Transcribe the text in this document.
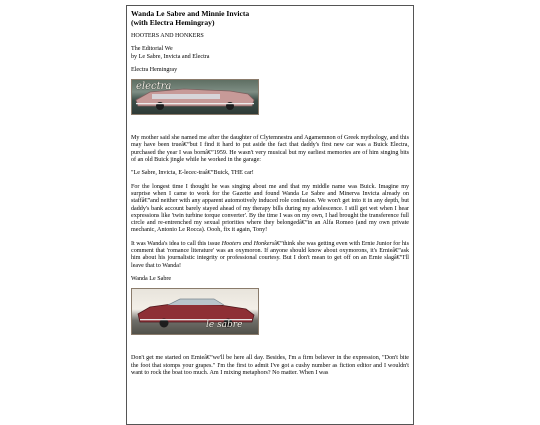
Wanda Le Sabre and Minnie Invicta
(with Electra Hemingray)

HOOTERS AND HONKERS

The Editorial We

by Le Sabre, Invicta and Electra

Electra Hemingray

electra

My mother said she named me after the daughter of Clytemnestra and Agamemnon of Greek mythology, and this may have been trueâ€”but I find it hard to put aside the fact that daddy's first new car was a Buick Electra, purchased the year I was bornâ€”1959. He wasn't very musical but my earliest memories are of him singing bits of an old Buick jingle while he worked in the garage:

"Le Sabre, Invicta, E-lecec-traâ€”Buick, THE car!

For the longest time I thought he was singing about me and that my middle name was Buick. Imagine my surprise when I came to work for the Gazette and found Wanda Le Sabre and Minerva Invicta already on staffâ€”and neither with any apparent automotively induced role confusion. We won't get into it in any depth, but daddy's bank account barely stayed ahead of my therapy bills during my adolescence. I still get wet when I hear expressions like 'twin turbine torque converter'. By the time I was on my own, I had brought the transference full circle and re-entrenched my sexual priorities where they belongedâ€”in an Alfa Romeo (and my own private mechanic, Antonio Le Rocca). Oooh, fix it again, Tony!

It was Wanda's idea to call this issue Hooters and Honkersâ€”think she was getting even with Ernie Junior for his comment that 'romance literature' was an oxymoron. If anyone should know about oxymorons, it's Ernieâ€”ask him about his journalistic integrity or professional courtesy. But I don't mean to get off on an Ernie slagâ€”I'll leave that to Wanda!

Wanda Le Sabre

le sabre

Don't get me started on Ernieâ€”we'll be here all day. Besides, I'm a firm believer in the expression, "Don't bite the foot that stomps your grapes." I'm the first to admit I've got a cushy number as fiction editor and I wouldn't want to rock the boat too much. Am I mixing metaphors? No matter. When I was
